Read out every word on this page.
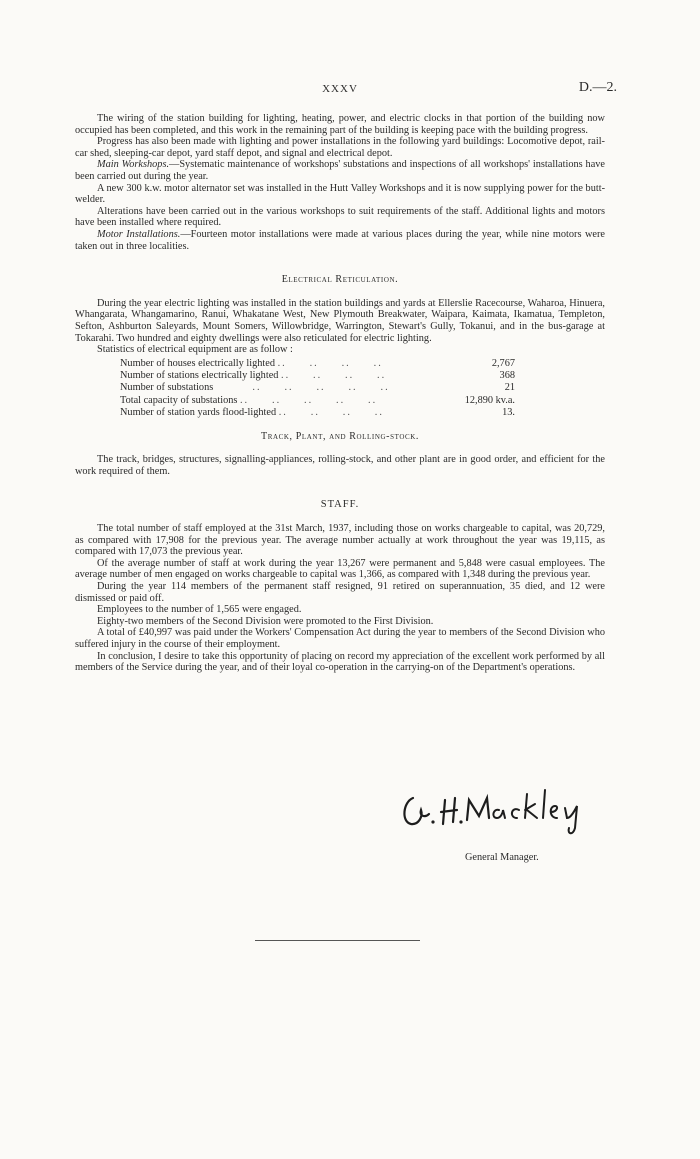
XXXV	D.—2.

The wiring of the station building for lighting, heating, power, and electric clocks in that portion of the building now occupied has been completed, and this work in the remaining part of the building is keeping pace with the building progress.

Progress has also been made with lighting and power installations in the following yard buildings: Locomotive depot, rail-car shed, sleeping-car depot, yard staff depot, and signal and electrical depot.

Main Workshops.—Systematic maintenance of workshops' substations and inspections of all workshops' installations have been carried out during the year.

A new 300 k.w. motor alternator set was installed in the Hutt Valley Workshops and it is now supplying power for the butt-welder.

Alterations have been carried out in the various workshops to suit requirements of the staff. Additional lights and motors have been installed where required.

Motor Installations.—Fourteen motor installations were made at various places during the year, while nine motors were taken out in three localities.

Electrical Reticulation.

During the year electric lighting was installed in the station buildings and yards at Ellerslie Racecourse, Waharoa, Hinuera, Whangarata, Whangamarino, Ranui, Whakatane West, New Plymouth Breakwater, Waipara, Kaimata, Ikamatua, Templeton, Sefton, Ashburton Saleyards, Mount Somers, Willowbridge, Warrington, Stewart's Gully, Tokanui, and in the bus-garage at Tokarahi. Two hundred and eighty dwellings were also reticulated for electric lighting.

Statistics of electrical equipment are as follow :

Number of houses electrically lighted ..     ..     ..     ..	2,767
Number of stations electrically lighted ..     ..     ..     ..	368
Number of substations         ..     ..     ..     ..     ..	21
Total capacity of substations ..     ..     ..     ..     ..	12,890 kv.a.
Number of station yards flood-lighted ..     ..     ..     ..	13.
Track, Plant, and Rolling-stock.

The track, bridges, structures, signalling-appliances, rolling-stock, and other plant are in good order, and efficient for the work required of them.

STAFF.

The total number of staff employed at the 31st March, 1937, including those on works chargeable to capital, was 20,729, as compared with 17,908 for the previous year. The average number actually at work throughout the year was 19,115, as compared with 17,073 the previous year.

Of the average number of staff at work during the year 13,267 were permanent and 5,848 were casual employees. The average number of men engaged on works chargeable to capital was 1,366, as compared with 1,348 during the previous year.

During the year 114 members of the permanent staff resigned, 91 retired on superannuation, 35 died, and 12 were dismissed or paid off.

Employees to the number of 1,565 were engaged.

Eighty-two members of the Second Division were promoted to the First Division.

A total of £40,997 was paid under the Workers' Compensation Act during the year to members of the Second Division who suffered injury in the course of their employment.

In conclusion, I desire to take this opportunity of placing on record my appreciation of the excellent work performed by all members of the Service during the year, and of their loyal co-operation in the carrying-on of the Department's operations.

General Manager.
